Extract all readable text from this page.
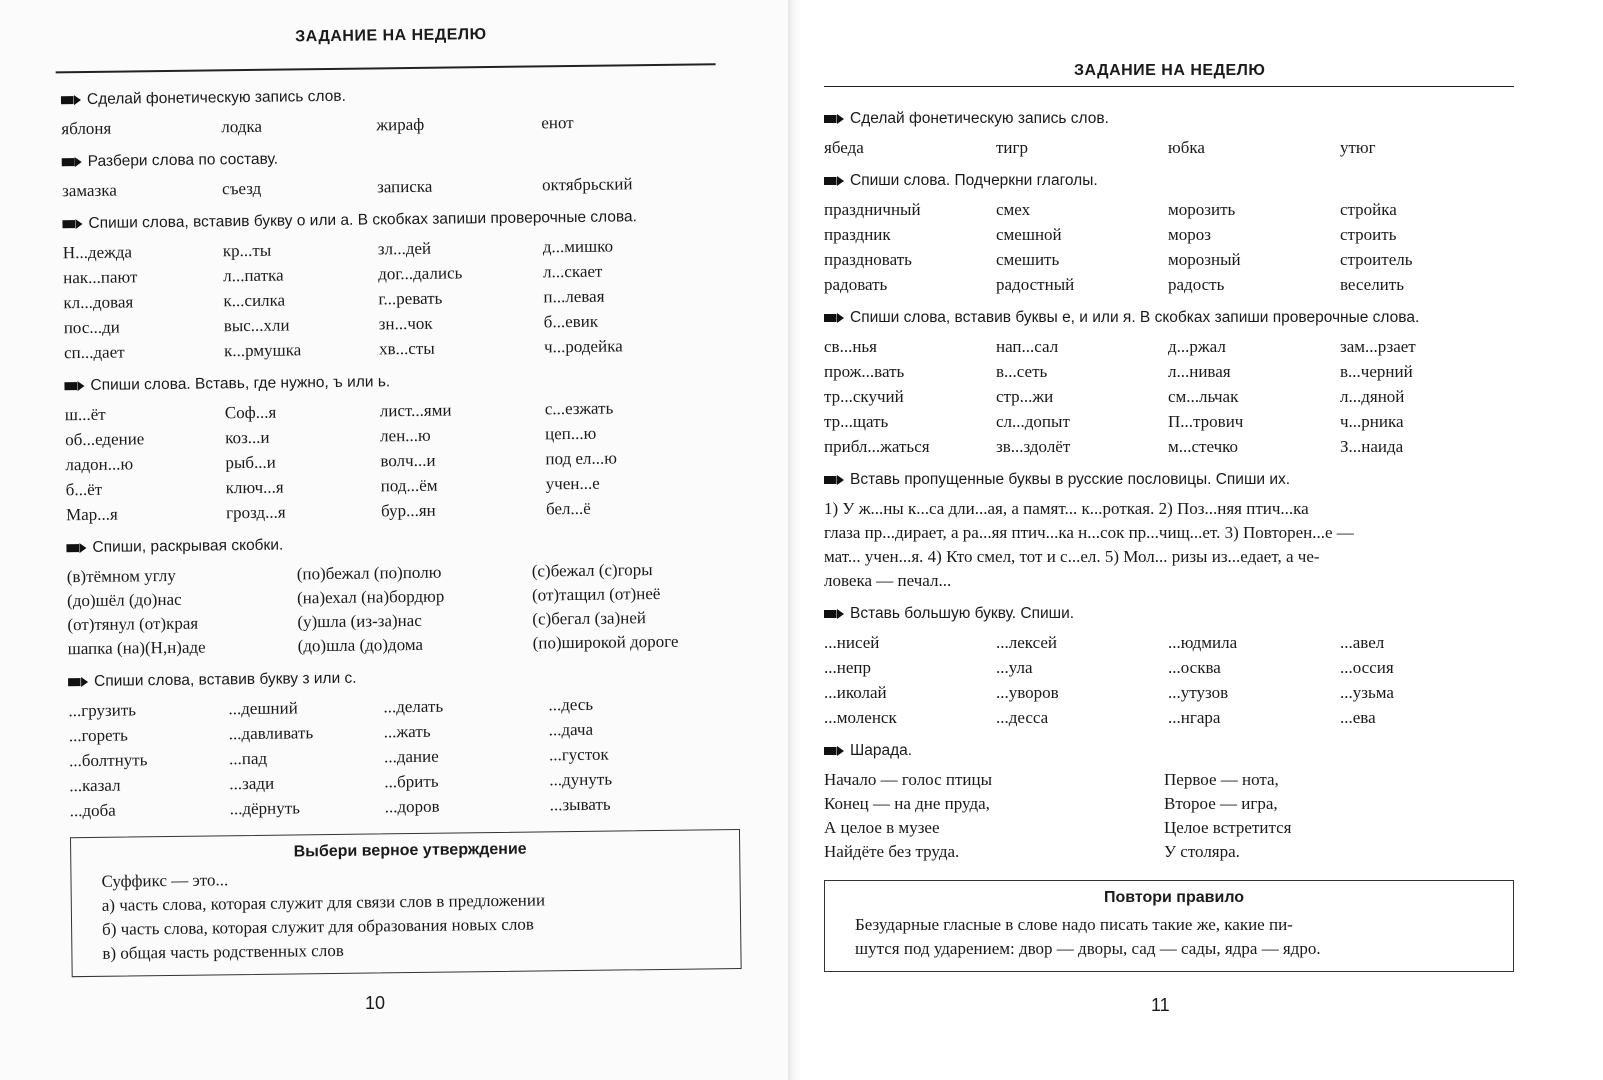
ЗАДАНИЕ НА НЕДЕЛЮ
Сделай фонетическую запись слов.
яблоня	лодка	жираф	енот
Разбери слова по составу.
замазка	съезд	записка	октябрьский
Спиши слова, вставив букву о или а. В скобках запиши проверочные слова.
Н...дежда	кр...ты	зл...дей	д...мишко
нак...пают	л...патка	дог...дались	л...скает
кл...довая	к...силка	г...ревать	п...левая
пос...ди	выс...хли	зн...чок	б...евик
сп...дает	к...рмушка	хв...сты	ч...родейка
Спиши слова. Вставь, где нужно, ъ или ь.
ш...ёт	Соф...я	лист...ями	с...езжать
об...едение	коз...и	лен...ю	цеп...ю
ладон...ю	рыб...и	волч...и	под ел...ю
б...ёт	ключ...я	под...ём	учен...е
Мар...я	грозд...я	бур...ян	бел...ё
Спиши, раскрывая скобки.
(в)тёмном углу	(по)бежал (по)полю	(с)бежал (с)горы
(до)шёл (до)нас	(на)ехал (на)бордюр	(от)тащил (от)неё
(от)тянул (от)края	(у)шла (из-за)нас	(с)бегал (за)ней
шапка (на)(Н,н)аде	(до)шла (до)дома	(по)широкой дороге
Спиши слова, вставив букву з или с.
...грузить	...дешний	...делать	...десь
...гореть	...давливать	...жать	...дача
...болтнуть	...пад	...дание	...густок
...казал	...зади	...брить	...дунуть
...доба	...дёрнуть	...доров	...зывать
Выбери верное утверждение
Суффикс — это...
а) часть слова, которая служит для связи слов в предложении
б) часть слова, которая служит для образования новых слов
в) общая часть родственных слов
10
ЗАДАНИЕ НА НЕДЕЛЮ
Сделай фонетическую запись слов.
ябеда	тигр	юбка	утюг
Спиши слова. Подчеркни глаголы.
праздничный	смех	морозить	стройка
праздник	смешной	мороз	строить
праздновать	смешить	морозный	строитель
радовать	радостный	радость	веселить
Спиши слова, вставив буквы е, и или я. В скобках запиши проверочные слова.
св...нья	нап...сал	д...ржал	зам...рзает
прож...вать	в...сеть	л...нивая	в...черний
тр...скучий	стр...жи	см...льчак	л...дяной
тр...щать	сл...допыт	П...трович	ч...рника
прибл...жаться	зв...здолёт	м...стечко	З...наида
Вставь пропущенные буквы в русские пословицы. Спиши их.
1) У ж...ны к...са дли...ая, а памят... к...роткая. 2) Поз...няя птич...ка
глаза пр...дирает, а ра...яя птич...ка н...сок пр...чищ...ет. 3) Повторен...е —
мат... учен...я. 4) Кто смел, тот и с...ел. 5) Мол... ризы из...едает, а че-
ловека — печал...
Вставь большую букву. Спиши.
...нисей	...лексей	...юдмила	...авел
...непр	...ула	...осква	...оссия
...иколай	...уворов	...утузов	...узьма
...моленск	...десса	...нгара	...ева
Шарада.
Начало — голос птицы	Первое — нота,
Конец — на дне пруда,	Второе — игра,
А целое в музее	Целое встретится
Найдёте без труда.	У столяра.
Повтори правило
Безударные гласные в слове надо писать такие же, какие пи-
шутся под ударением: двор — дворы, сад — сады, ядра — ядро.
11
